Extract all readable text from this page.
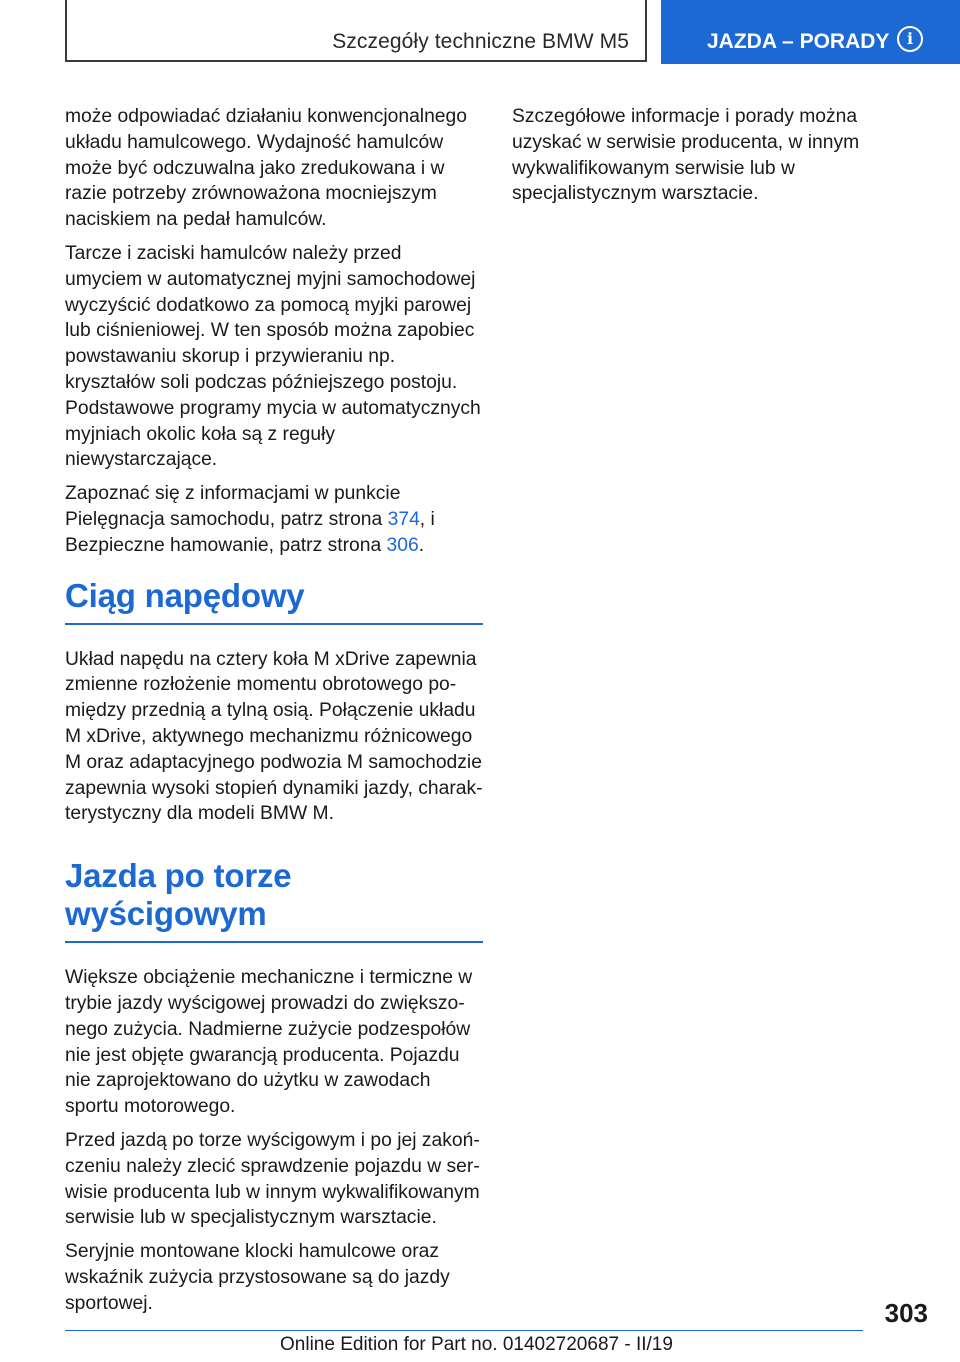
Szczegóły techniczne BMW M5	JAZDA – PORADY	i

może odpowiadać działaniu konwencjonalnego układu hamulcowego. Wydajność hamulców może być odczuwalna jako zredukowana i w razie potrzeby zrównoważona mocniejszym naciskiem na pedał hamulców.

Tarcze i zaciski hamulców należy przed umyciem w automatycznej myjni samochodowej wyczyścić dodatkowo za pomocą myjki parowej lub ciśnieniowej. W ten sposób można zapobiec powstawaniu skorup i przywieraniu np. kryształów soli podczas późniejszego postoju. Podstawowe programy mycia w automatycznych myjniach okolic koła są z reguły niewystarczające.

Zapoznać się z informacjami w punkcie Pielęgnacja samochodu, patrz strona 374, i Bezpieczne hamowanie, patrz strona 306.

Ciąg napędowy

Układ napędu na cztery koła M xDrive zapewnia zmienne rozłożenie momentu obrotowego pomiędzy przednią a tylną osią. Połączenie układu M xDrive, aktywnego mechanizmu różnicowego M oraz adaptacyjnego podwozia M samochodzie zapewnia wysoki stopień dynamiki jazdy, charakterystyczny dla modeli BMW M.

Jazda po torze wyścigowym

Większe obciążenie mechaniczne i termiczne w trybie jazdy wyścigowej prowadzi do zwiększonego zużycia. Nadmierne zużycie podzespołów nie jest objęte gwarancją producenta. Pojazdu nie zaprojektowano do użytku w zawodach sportu motorowego.

Przed jazdą po torze wyścigowym i po jej zakończeniu należy zlecić sprawdzenie pojazdu w serwisie producenta lub w innym wykwalifikowanym serwisie lub w specjalistycznym warsztacie.

Seryjnie montowane klocki hamulcowe oraz wskaźnik zużycia przystosowane są do jazdy sportowej.

Szczegółowe informacje i porady można uzyskać w serwisie producenta, w innym wykwalifikowanym serwisie lub w specjalistycznym warsztacie.

303
Online Edition for Part no. 01402720687 - II/19
